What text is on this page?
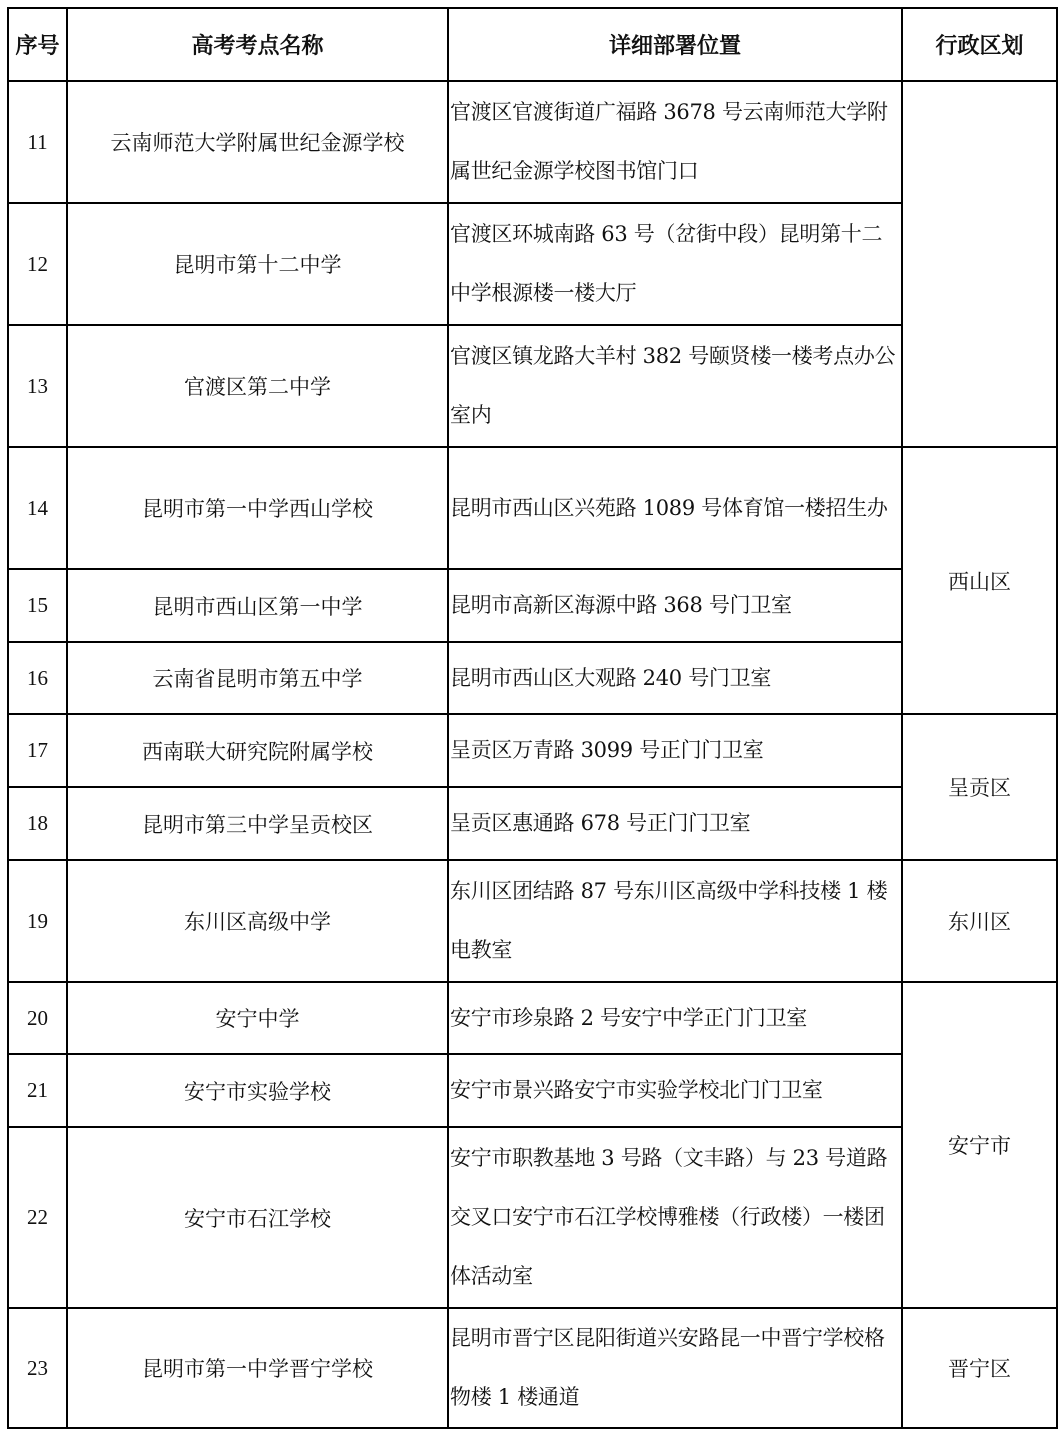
序号	高考考点名称	详细部署位置	行政区划
11	云南师范大学附属世纪金源学校	官渡区官渡街道广福路 3678 号云南师范大学附属世纪金源学校图书馆门口	
12	昆明市第十二中学	官渡区环城南路 63 号（岔街中段）昆明第十二中学根源楼一楼大厅	
13	官渡区第二中学	官渡区镇龙路大羊村 382 号颐贤楼一楼考点办公室内	
14	昆明市第一中学西山学校	昆明市西山区兴苑路 1089 号体育馆一楼招生办	西山区
15	昆明市西山区第一中学	昆明市高新区海源中路 368 号门卫室	
16	云南省昆明市第五中学	昆明市西山区大观路 240 号门卫室	
17	西南联大研究院附属学校	呈贡区万青路 3099 号正门门卫室	呈贡区
18	昆明市第三中学呈贡校区	呈贡区惠通路 678 号正门门卫室	
19	东川区高级中学	东川区团结路 87 号东川区高级中学科技楼 1 楼电教室	东川区
20	安宁中学	安宁市珍泉路 2 号安宁中学正门门卫室	安宁市
21	安宁市实验学校	安宁市景兴路安宁市实验学校北门门卫室	
22	安宁市石江学校	安宁市职教基地 3 号路（文丰路）与 23 号道路交叉口安宁市石江学校博雅楼（行政楼）一楼团体活动室	
23	昆明市第一中学晋宁学校	昆明市晋宁区昆阳街道兴安路昆一中晋宁学校格物楼 1 楼通道	晋宁区
